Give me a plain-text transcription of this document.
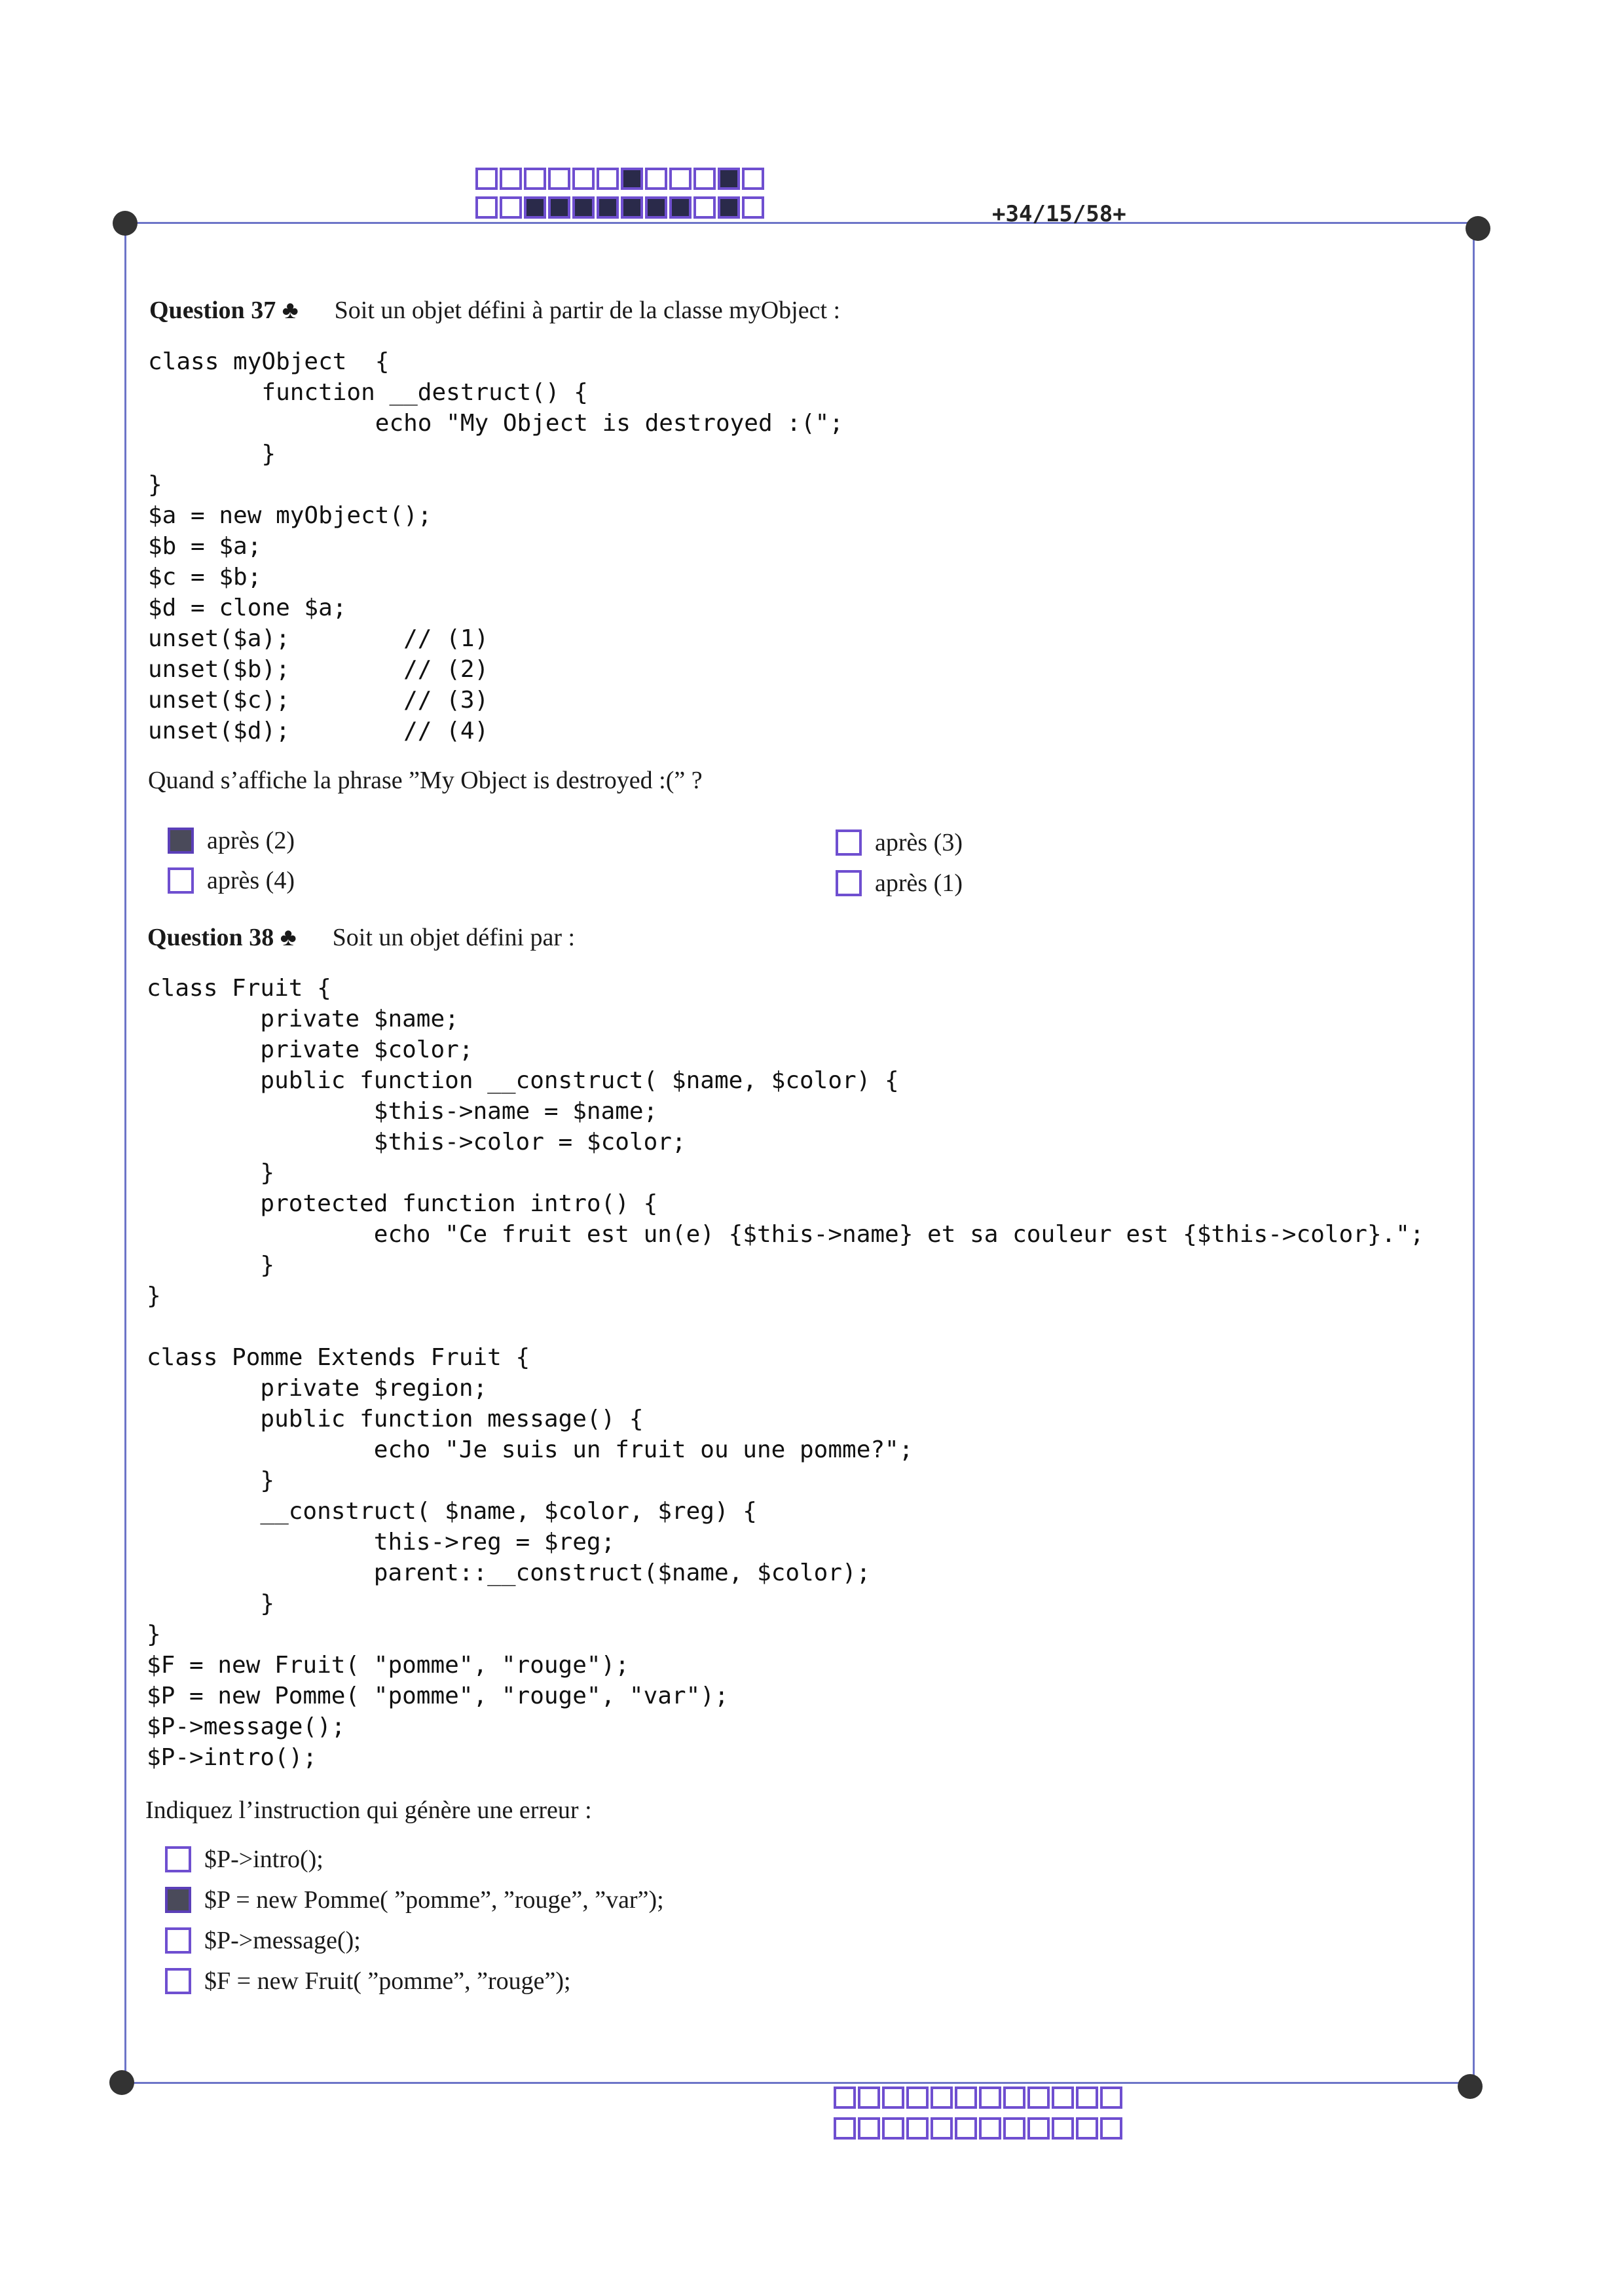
+34/15/58+
Question 37 ♣ Soit un objet défini à partir de la classe myObject :
class myObject  {
function __destruct() {
echo "My Object is destroyed :(";
}
}
$a = new myObject();
$b = $a;
$c = $b;
$d = clone $a;
unset($a);        // (1)
unset($b);        // (2)
unset($c);        // (3)
unset($d);        // (4)
Quand s’affiche la phrase ”My Object is destroyed :(” ?
après (2)	après (3)
après (4)	après (1)
Question 38 ♣ Soit un objet défini par :
class Fruit {
private $name;
private $color;
public function __construct( $name, $color) {
$this->name = $name;
$this->color = $color;
}
protected function intro() {
echo "Ce fruit est un(e) {$this->name} et sa couleur est {$this->color}.";
}
}

class Pomme Extends Fruit {
private $region;
public function message() {
echo "Je suis un fruit ou une pomme?";
}
__construct( $name, $color, $reg) {
this->reg = $reg;
parent::__construct($name, $color);
}
}
$F = new Fruit( "pomme", "rouge");
$P = new Pomme( "pomme", "rouge", "var");
$P->message();
$P->intro();
Indiquez l’instruction qui génère une erreur :
$P->intro();
$P = new Pomme( ”pomme”, ”rouge”, ”var”);
$P->message();
$F = new Fruit( ”pomme”, ”rouge”);
